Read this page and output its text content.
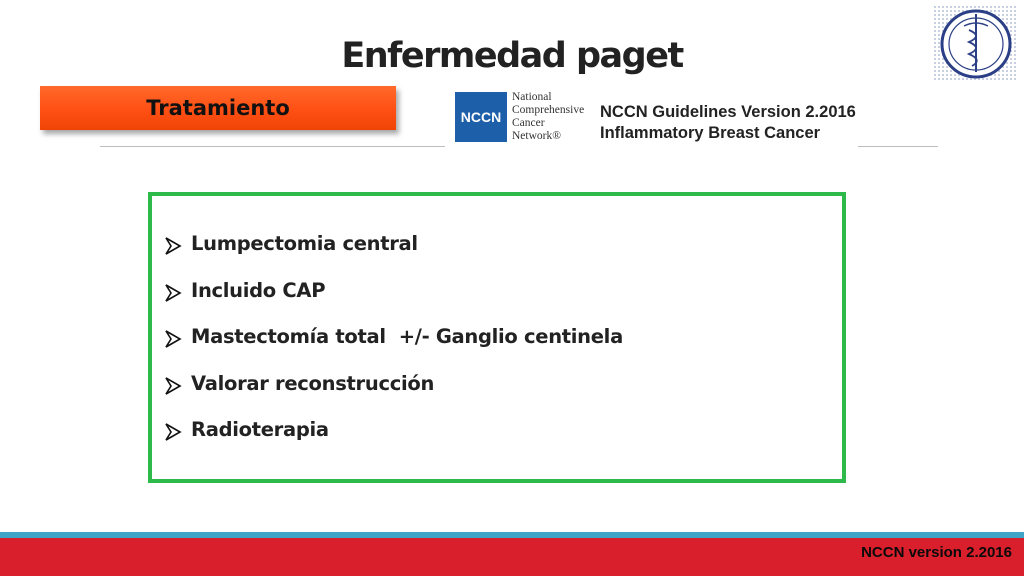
Enfermedad paget
Tratamiento	NCCN
National
Comprehensive
Cancer
Network®
NCCN Guidelines Version 2.2016
Inflammatory Breast Cancer
Lumpectomia central
Incluido CAP
Mastectomía total  +/- Ganglio centinela
Valorar reconstrucción
Radioterapia
NCCN version 2.2016
